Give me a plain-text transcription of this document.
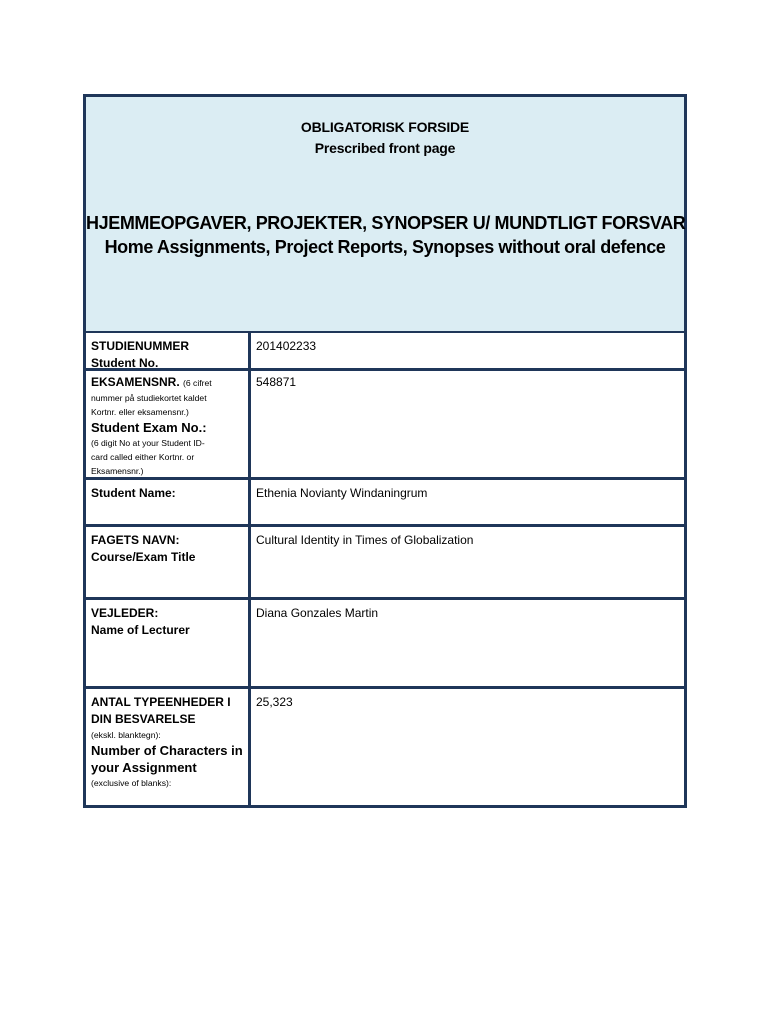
OBLIGATORISK FORSIDE
Prescribed front page
HJEMMEOPGAVER, PROJEKTER, SYNOPSER U/ MUNDTLIGT FORSVAR
Home Assignments, Project Reports, Synopses without oral defence
STUDIENUMMER
Student No.
201402233
EKSAMENSNR. (6 cifret
nummer på studiekortet kaldet
Kortnr. eller eksamensnr.)
Student Exam No.:
(6 digit No at your Student ID-
card called either Kortnr. or
Eksamensnr.)
548871
Student Name:	Ethenia Novianty Windaningrum
FAGETS NAVN:
Course/Exam Title
Cultural Identity in Times of Globalization
VEJLEDER:
Name of Lecturer
Diana Gonzales Martin
ANTAL TYPEENHEDER I
DIN BESVARELSE
(ekskl. blanktegn):
Number of Characters in
your Assignment
(exclusive of blanks):
25,323
